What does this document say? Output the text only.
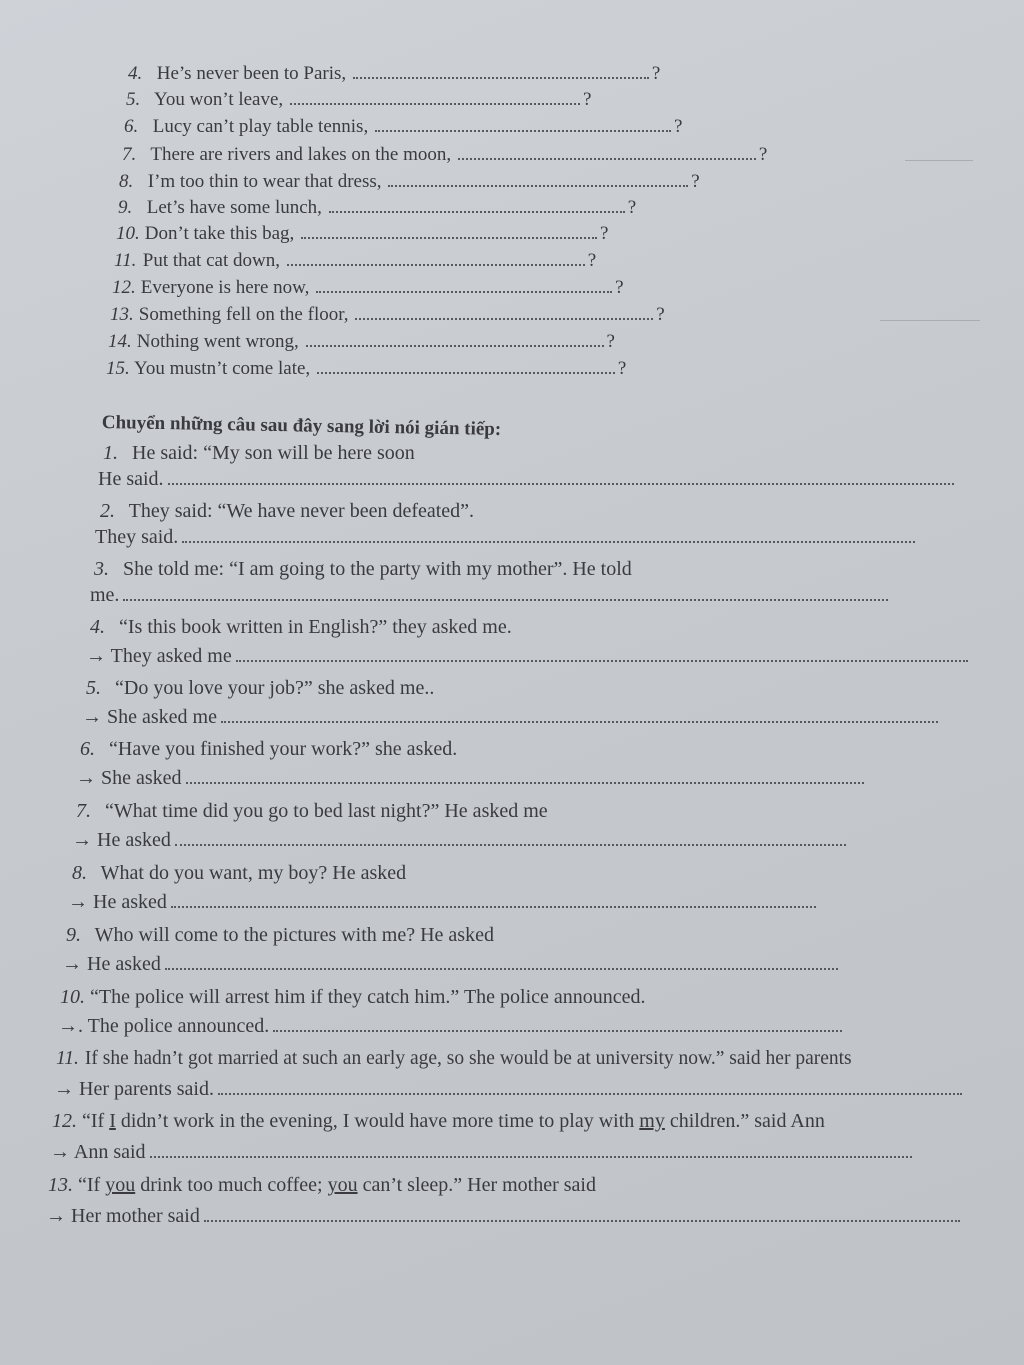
4. He’s never been to Paris,	?
5. You won’t leave,	?
6. Lucy can’t play table tennis,	?
7. There are rivers and lakes on the moon,	?
8. I’m too thin to wear that dress,	?
9. Let’s have some lunch,	?
10. Don’t take this bag,	?
11. Put that cat down,	?
12. Everyone is here now,	?
13. Something fell on the floor,	?
14. Nothing went wrong,	?
15. You mustn’t come late,	?
Chuyển những câu sau đây sang lời nói gián tiếp:
1. He said: “My son will be here soon
He said.
2. They said: “We have never been defeated”.
They said.
3. She told me: “I am going to the party with my mother”. He told
me.
4. “Is this book written in English?” they asked me.
→ They asked me
5. “Do you love your job?” she asked me..
→ She asked me
6. “Have you finished your work?” she asked.
→ She asked
7. “What time did you go to bed last night?” He asked me
→ He asked
8. What do you want, my boy? He asked
→ He asked
9. Who will come to the pictures with me? He asked
→ He asked
10. “The police will arrest him if they catch him.” The police announced.
→. The police announced.
11. If she hadn’t got married at such an early age, so she would be at university now.” said her parents
→ Her parents said.
12. “If I didn’t work in the evening, I would have more time to play with my children.” said Ann
→ Ann said
13. “If you drink too much coffee; you can’t sleep.” Her mother said
→ Her mother said
